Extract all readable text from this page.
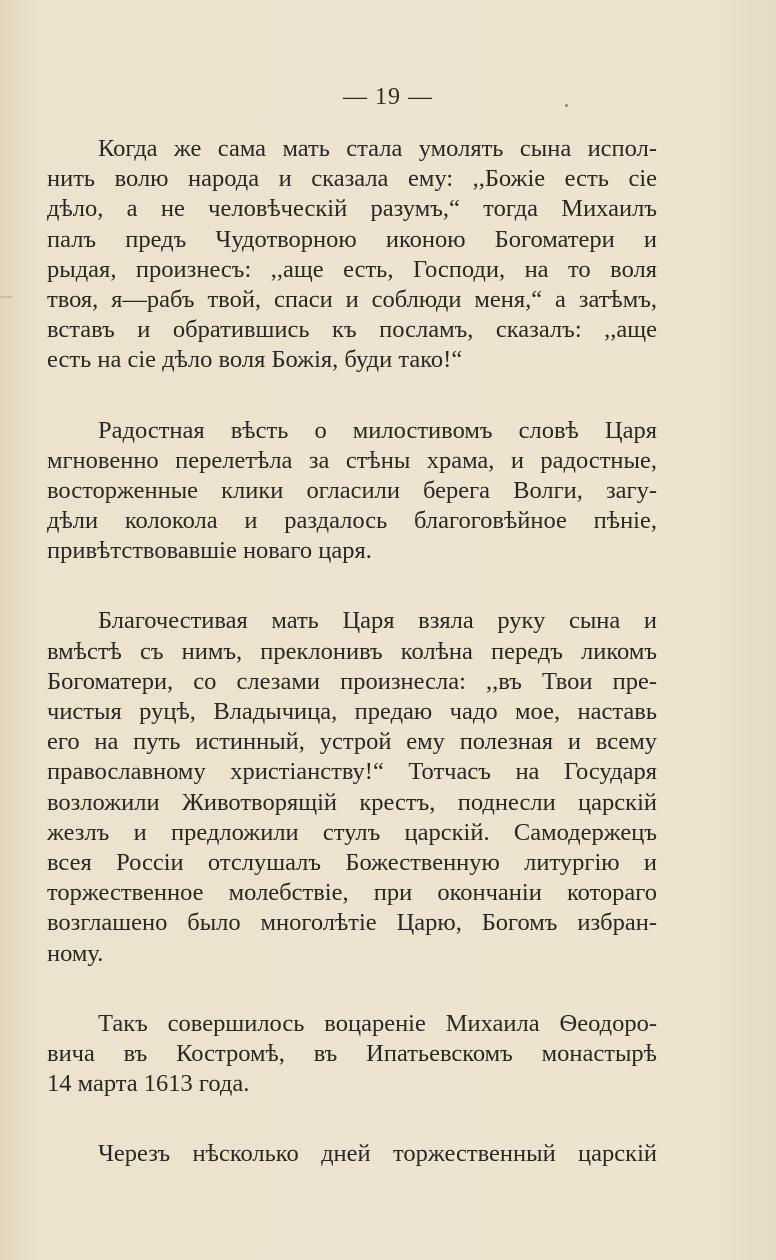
— 19 —
Когда же сама мать стала умолять сына испол-
нить волю народа и сказала ему: ,,Божіе есть сіе
дѣло, а не человѣческій разумъ,“ тогда Михаилъ
палъ предъ Чудотворною иконою Богоматери и
рыдая, произнесъ: ,,аще есть, Господи, на то воля
твоя, я—рабъ твой, спаси и соблюди меня,“ а затѣмъ,
вставъ и обратившись къ посламъ, сказалъ: ,,аще
есть на сіе дѣло воля Божія, буди тако!“
Радостная вѣсть о милостивомъ словѣ Царя
мгновенно перелетѣла за стѣны храма, и радостные,
восторженные клики огласили берега Волги, загу-
дѣли колокола и раздалось благоговѣйное пѣніе,
привѣтствовавшіе новаго царя.
Благочестивая мать Царя взяла руку сына и
вмѣстѣ съ нимъ, преклонивъ колѣна передъ ликомъ
Богоматери, со слезами произнесла: ,,въ Твои пре-
чистыя руцѣ, Владычица, предаю чадо мое, наставь
его на путь истинный, устрой ему полезная и всему
православному христіанству!“ Тотчасъ на Государя
возложили Животворящій крестъ, поднесли царскій
жезлъ и предложили стулъ царскій. Самодержецъ
всея Россіи отслушалъ Божественную литургію и
торжественное молебствіе, при окончаніи котораго
возглашено было многолѣтіе Царю, Богомъ избран-
ному.
Такъ совершилось воцареніе Михаила Ѳеодоро-
вича въ Костромѣ, въ Ипатьевскомъ монастырѣ
14 марта 1613 года.
Черезъ нѣсколько дней торжественный царскій
